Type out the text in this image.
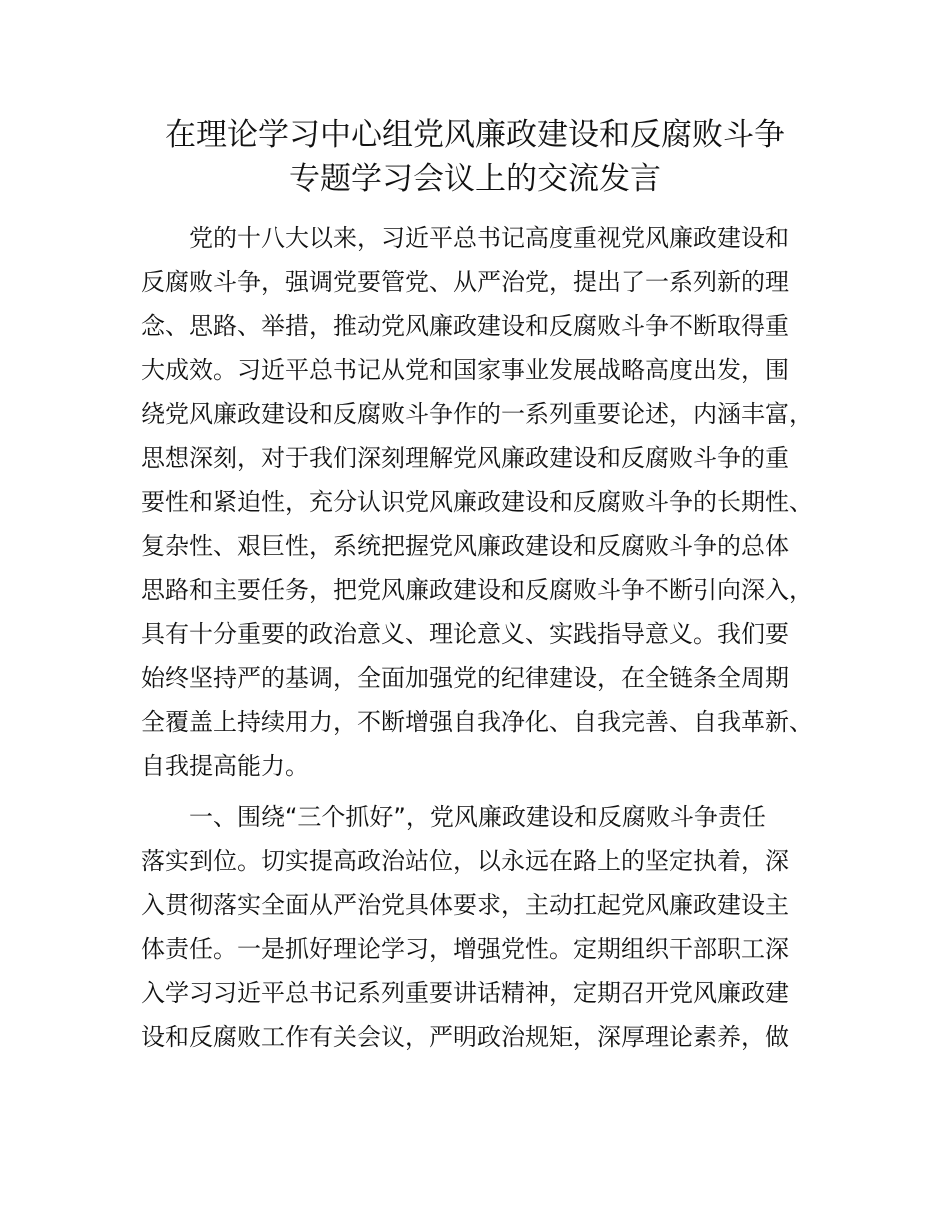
在理论学习中心组党风廉政建设和反腐败斗争
专题学习会议上的交流发言
党的十八大以来，习近平总书记高度重视党风廉政建设和
反腐败斗争，强调党要管党、从严治党，提出了一系列新的理
念、思路、举措，推动党风廉政建设和反腐败斗争不断取得重
大成效。习近平总书记从党和国家事业发展战略高度出发，围
绕党风廉政建设和反腐败斗争作的一系列重要论述，内涵丰富，
思想深刻，对于我们深刻理解党风廉政建设和反腐败斗争的重
要性和紧迫性，充分认识党风廉政建设和反腐败斗争的长期性、
复杂性、艰巨性，系统把握党风廉政建设和反腐败斗争的总体
思路和主要任务，把党风廉政建设和反腐败斗争不断引向深入，
具有十分重要的政治意义、理论意义、实践指导意义。我们要
始终坚持严的基调，全面加强党的纪律建设，在全链条全周期
全覆盖上持续用力，不断增强自我净化、自我完善、自我革新、
自我提高能力。
一、围绕“三个抓好”，党风廉政建设和反腐败斗争责任
落实到位。切实提高政治站位，以永远在路上的坚定执着，深
入贯彻落实全面从严治党具体要求，主动扛起党风廉政建设主
体责任。一是抓好理论学习，增强党性。定期组织干部职工深
入学习习近平总书记系列重要讲话精神，定期召开党风廉政建
设和反腐败工作有关会议，严明政治规矩，深厚理论素养，做
